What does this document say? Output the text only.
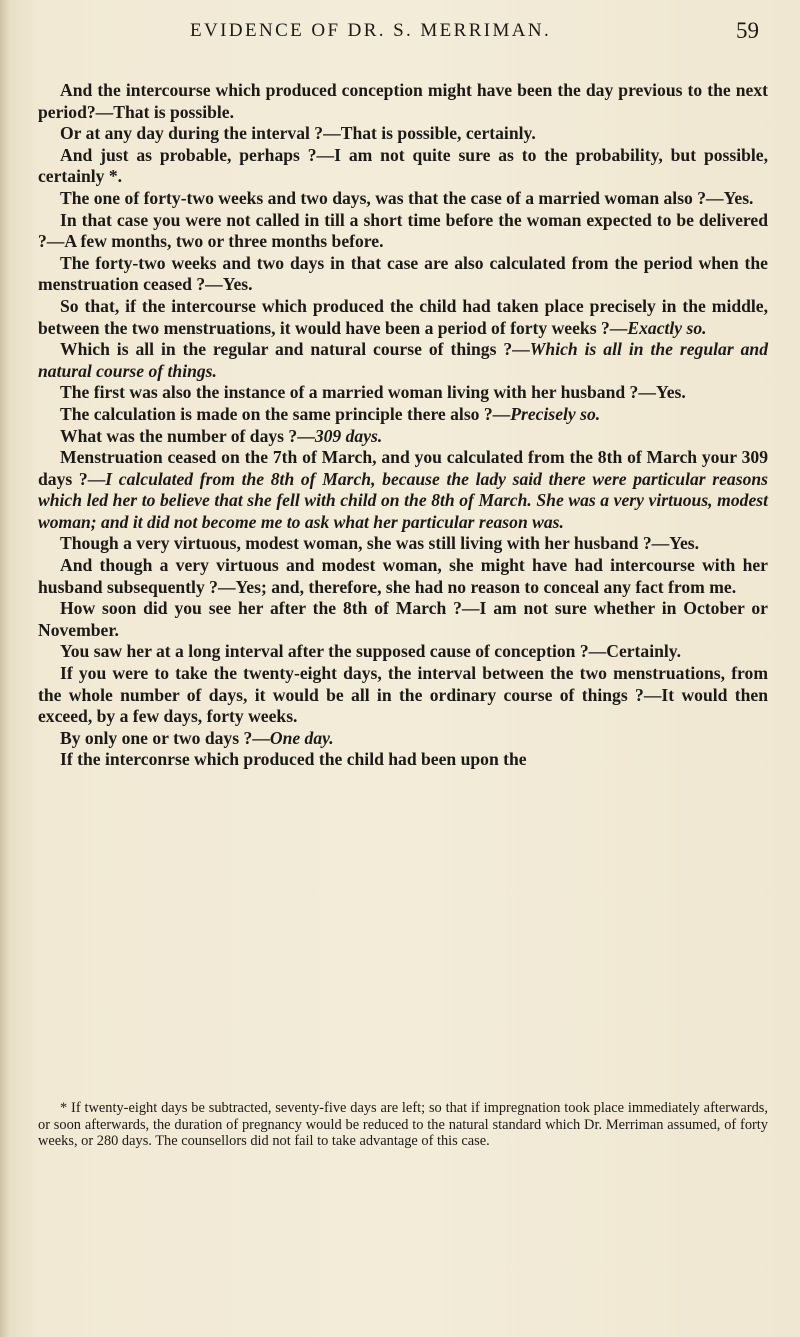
EVIDENCE OF DR. S. MERRIMAN.	59

And the intercourse which produced conception might have been the day previous to the next period?—That is possible.

Or at any day during the interval ?—That is possible, certainly.

And just as probable, perhaps ?—I am not quite sure as to the probability, but possible, certainly *.

The one of forty-two weeks and two days, was that the case of a married woman also ?—Yes.

In that case you were not called in till a short time before the woman expected to be delivered ?—A few months, two or three months before.

The forty-two weeks and two days in that case are also calculated from the period when the menstruation ceased ?—Yes.

So that, if the intercourse which produced the child had taken place precisely in the middle, between the two menstruations, it would have been a period of forty weeks ?—Exactly so.

Which is all in the regular and natural course of things ?—Which is all in the regular and natural course of things.

The first was also the instance of a married woman living with her husband ?—Yes.

The calculation is made on the same principle there also ?—Precisely so.

What was the number of days ?—309 days.

Menstruation ceased on the 7th of March, and you calculated from the 8th of March your 309 days ?—I calculated from the 8th of March, because the lady said there were particular reasons which led her to believe that she fell with child on the 8th of March. She was a very virtuous, modest woman; and it did not become me to ask what her particular reason was.

Though a very virtuous, modest woman, she was still living with her husband ?—Yes.

And though a very virtuous and modest woman, she might have had intercourse with her husband subsequently ?—Yes; and, therefore, she had no reason to conceal any fact from me.

How soon did you see her after the 8th of March ?—I am not sure whether in October or November.

You saw her at a long interval after the supposed cause of conception ?—Certainly.

If you were to take the twenty-eight days, the interval between the two menstruations, from the whole number of days, it would be all in the ordinary course of things ?—It would then exceed, by a few days, forty weeks.

By only one or two days ?—One day.

If the interconrse which produced the child had been upon the

* If twenty-eight days be subtracted, seventy-five days are left; so that if impregnation took place immediately afterwards, or soon afterwards, the duration of pregnancy would be reduced to the natural standard which Dr. Merriman assumed, of forty weeks, or 280 days. The counsellors did not fail to take advantage of this case.
